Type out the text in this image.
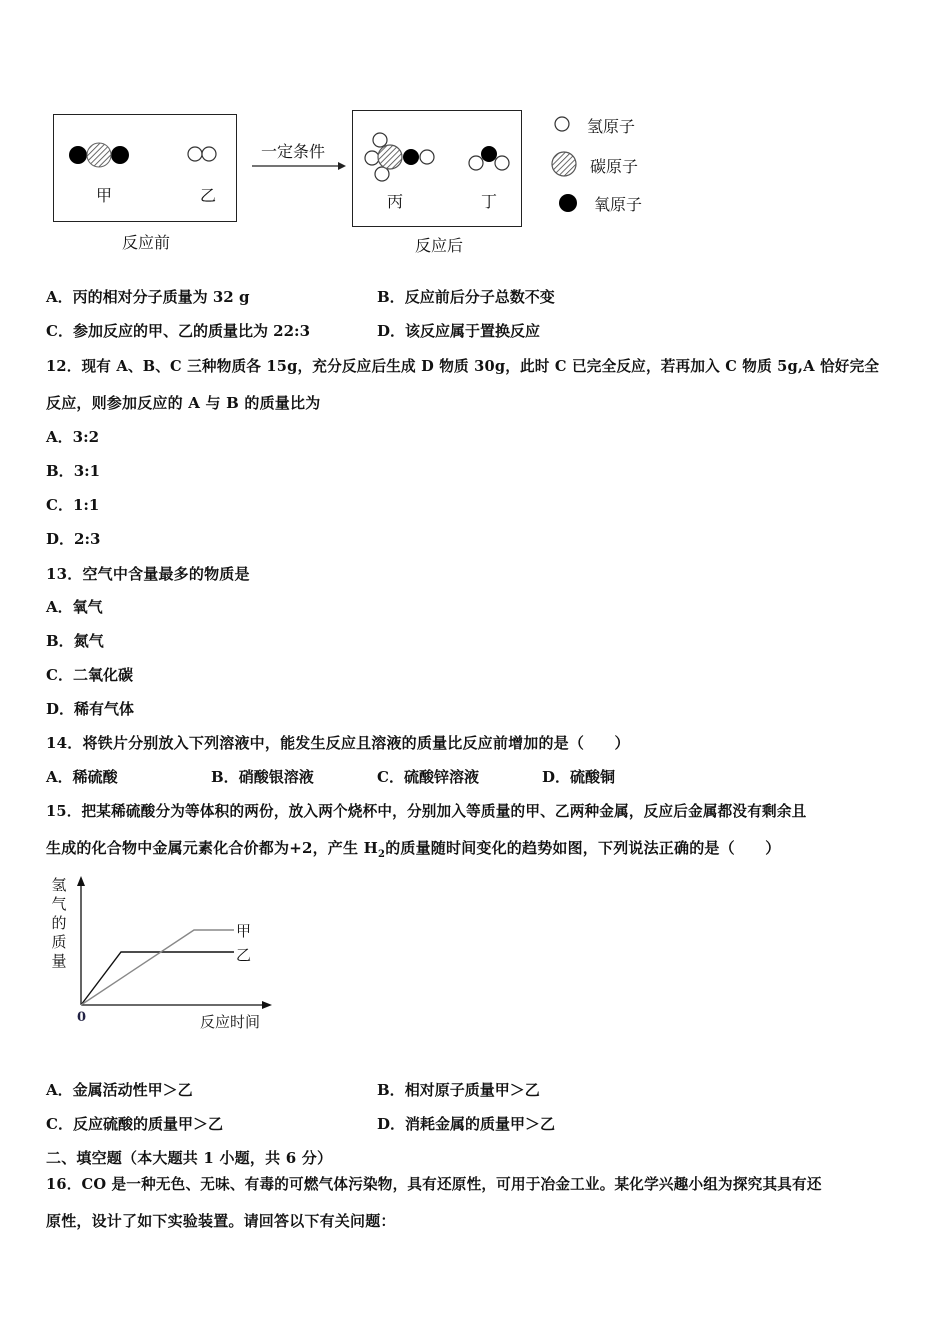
甲	乙
反应前
一定条件
丙	丁
反应后
氢原子
碳原子
氧原子
A．丙的相对分子质量为 32 g	B．反应前后分子总数不变
C．参加反应的甲、乙的质量比为 22:3	D．该反应属于置换反应
12．现有 A、B、C 三种物质各 15g，充分反应后生成 D 物质 30g，此时 C 已完全反应，若再加入 C 物质 5g,A 恰好完全
反应，则参加反应的 A 与 B 的质量比为
A．3:2
B．3:1
C．1:1
D．2:3
13．空气中含量最多的物质是
A．氧气
B．氮气
C．二氧化碳
D．稀有气体
14．将铁片分别放入下列溶液中，能发生反应且溶液的质量比反应前增加的是（　　）
A．稀硫酸	B．硝酸银溶液	C．硫酸锌溶液	D．硫酸铜
15．把某稀硫酸分为等体积的两份，放入两个烧杯中，分别加入等质量的甲、乙两种金属，反应后金属都没有剩余且
生成的化合物中金属元素化合价都为+2，产生 $H_2$的质量随时间变化的趋势如图，下列说法正确的是（　　）
氢
气
的
质
量
甲
乙
0	反应时间
A．金属活动性甲＞乙	B．相对原子质量甲＞乙
C．反应硫酸的质量甲＞乙	D．消耗金属的质量甲＞乙
二、填空题（本大题共 1 小题，共 6 分）
16．CO 是一种无色、无味、有毒的可燃气体污染物，具有还原性，可用于冶金工业。某化学兴趣小组为探究其具有还
原性，设计了如下实验装置。请回答以下有关问题：
